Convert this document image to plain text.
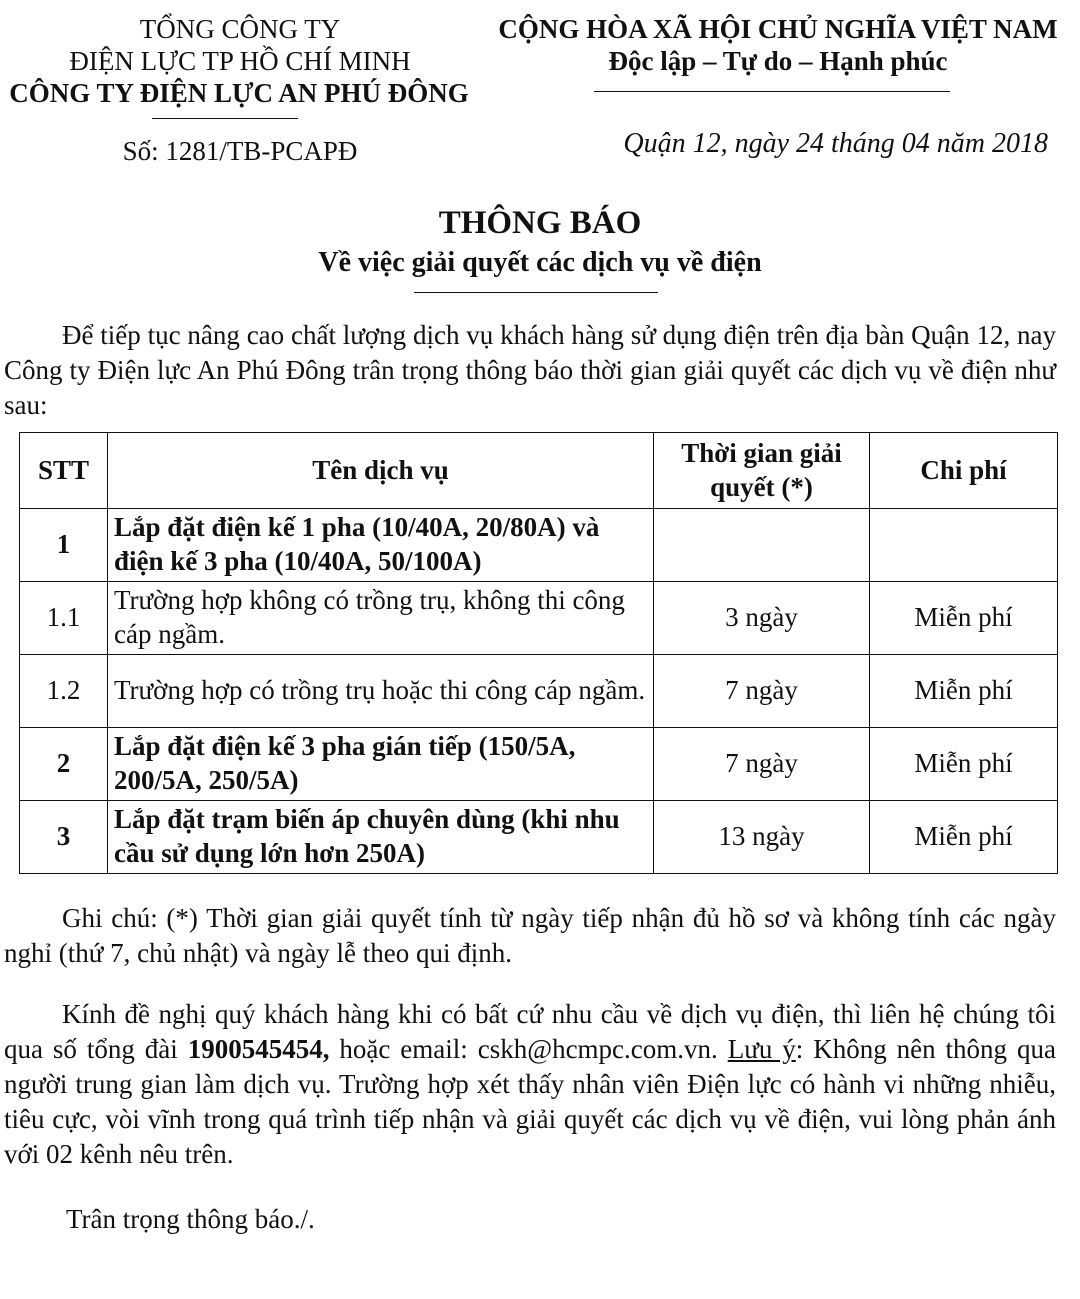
TỔNG CÔNG TY
ĐIỆN LỰC TP HỒ CHÍ MINH
CÔNG TY ĐIỆN LỰC AN PHÚ ĐÔNG
CỘNG HÒA XÃ HỘI CHỦ NGHĨA VIỆT NAM
Độc lập – Tự do – Hạnh phúc
Số: 1281/TB-PCAPĐ	Quận 12, ngày 24 tháng 04 năm 2018
THÔNG BÁO
Về việc giải quyết các dịch vụ về điện
Để tiếp tục nâng cao chất lượng dịch vụ khách hàng sử dụng điện trên địa bàn Quận 12, nay Công ty Điện lực An Phú Đông trân trọng thông báo thời gian giải quyết các dịch vụ về điện như sau:
STT	Tên dịch vụ	Thời gian giải quyết (*)	Chi phí
1	Lắp đặt điện kế 1 pha (10/40A, 20/80A) và điện kế 3 pha (10/40A, 50/100A)		
1.1	Trường hợp không có trồng trụ, không thi công cáp ngầm.	3 ngày	Miễn phí
1.2	Trường hợp có trồng trụ hoặc thi công cáp ngầm.	7 ngày	Miễn phí
2	Lắp đặt điện kế 3 pha gián tiếp (150/5A, 200/5A, 250/5A)	7 ngày	Miễn phí
3	Lắp đặt trạm biến áp chuyên dùng (khi nhu cầu sử dụng lớn hơn 250A)	13 ngày	Miễn phí
Ghi chú: (*) Thời gian giải quyết tính từ ngày tiếp nhận đủ hồ sơ và không tính các ngày nghỉ (thứ 7, chủ nhật) và ngày lễ theo qui định.
Kính đề nghị quý khách hàng khi có bất cứ nhu cầu về dịch vụ điện, thì liên hệ chúng tôi qua số tổng đài 1900545454, hoặc email: cskh@hcmpc.com.vn. Lưu ý: Không nên thông qua người trung gian làm dịch vụ. Trường hợp xét thấy nhân viên Điện lực có hành vi những nhiễu, tiêu cực, vòi vĩnh trong quá trình tiếp nhận và giải quyết các dịch vụ về điện, vui lòng phản ánh với 02 kênh nêu trên.
Trân trọng thông báo./.
